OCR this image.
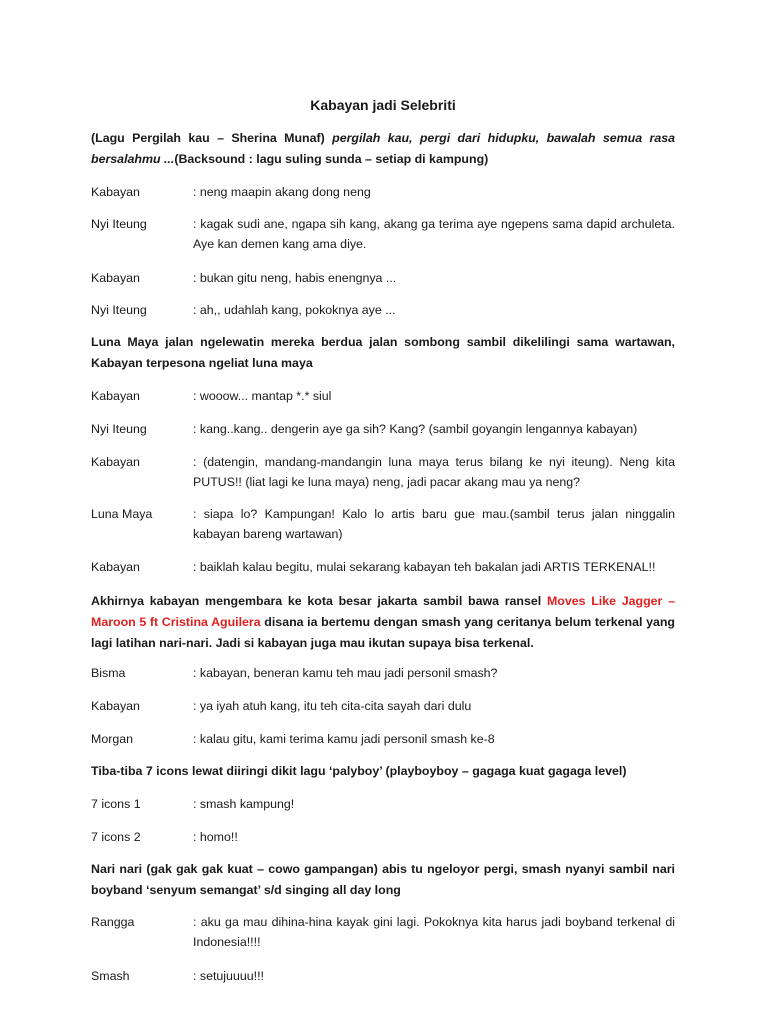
Kabayan jadi Selebriti

(Lagu Pergilah kau – Sherina Munaf) pergilah kau, pergi dari hidupku, bawalah semua rasa bersalahmu ...(Backsound : lagu suling sunda – setiap di kampung)

Kabayan	: neng maapin akang dong neng
Nyi Iteung	: kagak sudi ane, ngapa sih kang, akang ga terima aye ngepens sama dapid archuleta. Aye kan demen kang ama diye.
Kabayan	: bukan gitu neng, habis enengnya ...
Nyi Iteung	: ah,, udahlah kang, pokoknya aye ...

Luna Maya jalan ngelewatin mereka berdua jalan sombong sambil dikelilingi sama wartawan, Kabayan terpesona ngeliat luna maya

Kabayan	: wooow... mantap *.* siul
Nyi Iteung	: kang..kang.. dengerin aye ga sih? Kang? (sambil goyangin lengannya kabayan)
Kabayan	: (datengin, mandang-mandangin luna maya terus bilang ke nyi iteung). Neng kita PUTUS!! (liat lagi ke luna maya) neng, jadi pacar akang mau ya neng?
Luna Maya	: siapa lo? Kampungan! Kalo lo artis baru gue mau.(sambil terus jalan ninggalin kabayan bareng wartawan)
Kabayan	: baiklah kalau begitu, mulai sekarang kabayan teh bakalan jadi ARTIS TERKENAL!!

Akhirnya kabayan mengembara ke kota besar jakarta sambil bawa ransel Moves Like Jagger – Maroon 5 ft Cristina Aguilera disana ia bertemu dengan smash yang ceritanya belum terkenal yang lagi latihan nari-nari. Jadi si kabayan juga mau ikutan supaya bisa terkenal.

Bisma	: kabayan, beneran kamu teh mau jadi personil smash?
Kabayan	: ya iyah atuh kang, itu teh cita-cita sayah dari dulu
Morgan	: kalau gitu, kami terima kamu jadi personil smash ke-8

Tiba-tiba 7 icons lewat diiringi dikit lagu ‘palyboy’ (playboyboy – gagaga kuat gagaga level)

7 icons 1	: smash kampung!
7 icons 2	: homo!!

Nari nari (gak gak gak kuat – cowo gampangan) abis tu ngeloyor pergi, smash nyanyi sambil nari boyband ‘senyum semangat’ s/d singing all day long

Rangga	: aku ga mau dihina-hina kayak gini lagi. Pokoknya kita harus jadi boyband terkenal di Indonesia!!!!
Smash	: setujuuuu!!!
